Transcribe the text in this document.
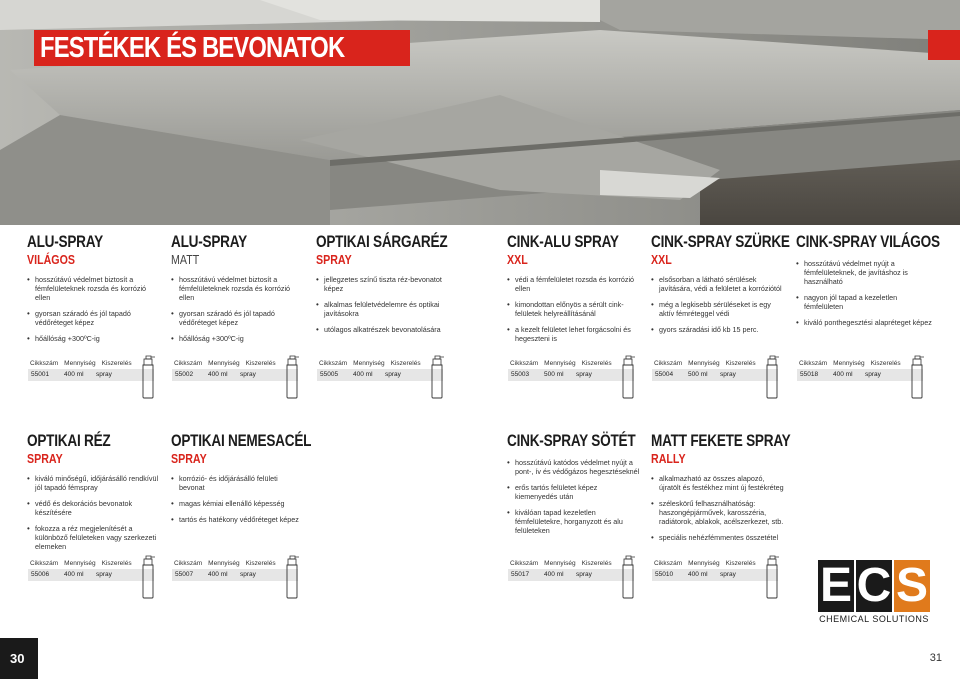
FESTÉKEK ÉS BEVONATOK
ALU-SPRAY
VILÁGOS
• hosszútávú védelmet biztosít a fémfelületeknek rozsda és korrózió ellen
• gyorsan száradó és jól tapadó védőréteget képez
• hőállóság +300ºC-ig
ALU-SPRAY
MATT
• hosszútávú védelmet biztosít a fémfelületeknek rozsda és korrózió ellen
• gyorsan száradó és jól tapadó védőréteget képez
• hőállóság +300ºC-ig
OPTIKAI SÁRGARÉZ
SPRAY
• jellegzetes színű tiszta réz-bevonatot képez
• alkalmas felületvédelemre és optikai javításokra
• utólagos alkatrészek bevonatolására
CINK-ALU SPRAY
XXL
• védi a fémfelületet rozsda és korrózió ellen
• kimondottan előnyös a sérült cink-felületek helyreállításánál
• a kezelt felületet lehet forgácsolni és hegeszteni is
CINK-SPRAY SZÜRKE
XXL
• elsősorban a látható sérülések javítására, védi a felületet a korróziótól
• még a legkisebb sérüléseket is egy aktív fémréteggel védi
• gyors száradási idő kb 15 perc.
CINK-SPRAY VILÁGOS
• hosszútávú védelmet nyújt a fémfelületeknek, de javításhoz is használható
• nagyon jól tapad a kezeletlen fémfelületen
• kiváló ponthegesztési alapréteget képez
Cikkszám Mennyiség Kiszerelés
55001 400 ml spray
Cikkszám Mennyiség Kiszerelés
55002 400 ml spray
Cikkszám Mennyiség Kiszerelés
55005 400 ml spray
Cikkszám Mennyiség Kiszerelés
55003 500 ml spray
Cikkszám Mennyiség Kiszerelés
55004 500 ml spray
Cikkszám Mennyiség Kiszerelés
55018 400 ml spray
OPTIKAI RÉZ
SPRAY
• kiváló minőségű, időjárásálló rendkívül jól tapadó fémspray
• védő és dekorációs bevonatok készítésére
• fokozza a réz megjelenítését a különböző felületeken vagy szerkezeti elemeken
OPTIKAI NEMESACÉL
SPRAY
• korrózió- és időjárásálló felületi bevonat
• magas kémiai ellenálló képesség
• tartós és hatékony védőréteget képez
CINK-SPRAY SÖTÉT
• hosszútávú katódos védelmet nyújt a pont-, ív és védőgázos hegesztéseknél
• erős tartós felületet képez kiemenyedés után
• kiválóan tapad kezeletlen fémfelületekre, horganyzott és alu felületeken
MATT FEKETE SPRAY
RALLY
• alkalmazható az összes alapozó, újratölt és festékhez mint új festékréteg
• széleskörű felhasználhatóság: haszongépjárművek, karosszéria, radiátorok, ablakok, acélszerkezet, stb.
• speciális nehézfémmentes összetétel
Cikkszám Mennyiség Kiszerelés
55006 400 ml spray
Cikkszám Mennyiség Kiszerelés
55007 400 ml spray
Cikkszám Mennyiség Kiszerelés
55017 400 ml spray
Cikkszám Mennyiség Kiszerelés
55010 400 ml spray E C S
CHEMICAL SOLUTIONS
30	31
